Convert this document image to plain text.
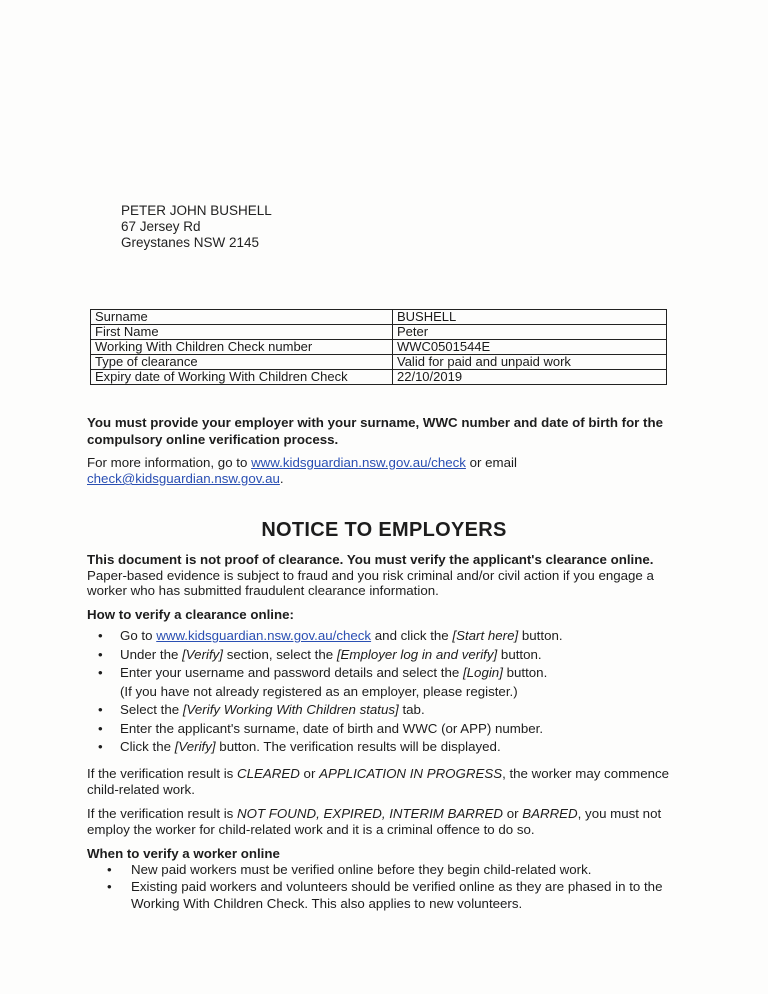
PETER JOHN BUSHELL
67 Jersey Rd
Greystanes NSW 2145
Surname	BUSHELL
First Name	Peter
Working With Children Check number	WWC0501544E
Type of clearance	Valid for paid and unpaid work
Expiry date of Working With Children Check	22/10/2019
You must provide your employer with your surname, WWC number and date of birth for the compulsory online verification process.
For more information, go to www.kidsguardian.nsw.gov.au/check or email
check@kidsguardian.nsw.gov.au.
NOTICE TO EMPLOYERS
This document is not proof of clearance. You must verify the applicant's clearance online.
Paper-based evidence is subject to fraud and you risk criminal and/or civil action if you engage a worker who has submitted fraudulent clearance information.
How to verify a clearance online:
• Go to www.kidsguardian.nsw.gov.au/check and click the [Start here] button.
• Under the [Verify] section, select the [Employer log in and verify] button.
• Enter your username and password details and select the [Login] button.
(If you have not already registered as an employer, please register.)
• Select the [Verify Working With Children status] tab.
• Enter the applicant's surname, date of birth and WWC (or APP) number.
• Click the [Verify] button. The verification results will be displayed.
If the verification result is CLEARED or APPLICATION IN PROGRESS, the worker may commence child-related work.
If the verification result is NOT FOUND, EXPIRED, INTERIM BARRED or BARRED, you must not employ the worker for child-related work and it is a criminal offence to do so.
When to verify a worker online
• New paid workers must be verified online before they begin child-related work.
• Existing paid workers and volunteers should be verified online as they are phased in to the Working With Children Check. This also applies to new volunteers.
